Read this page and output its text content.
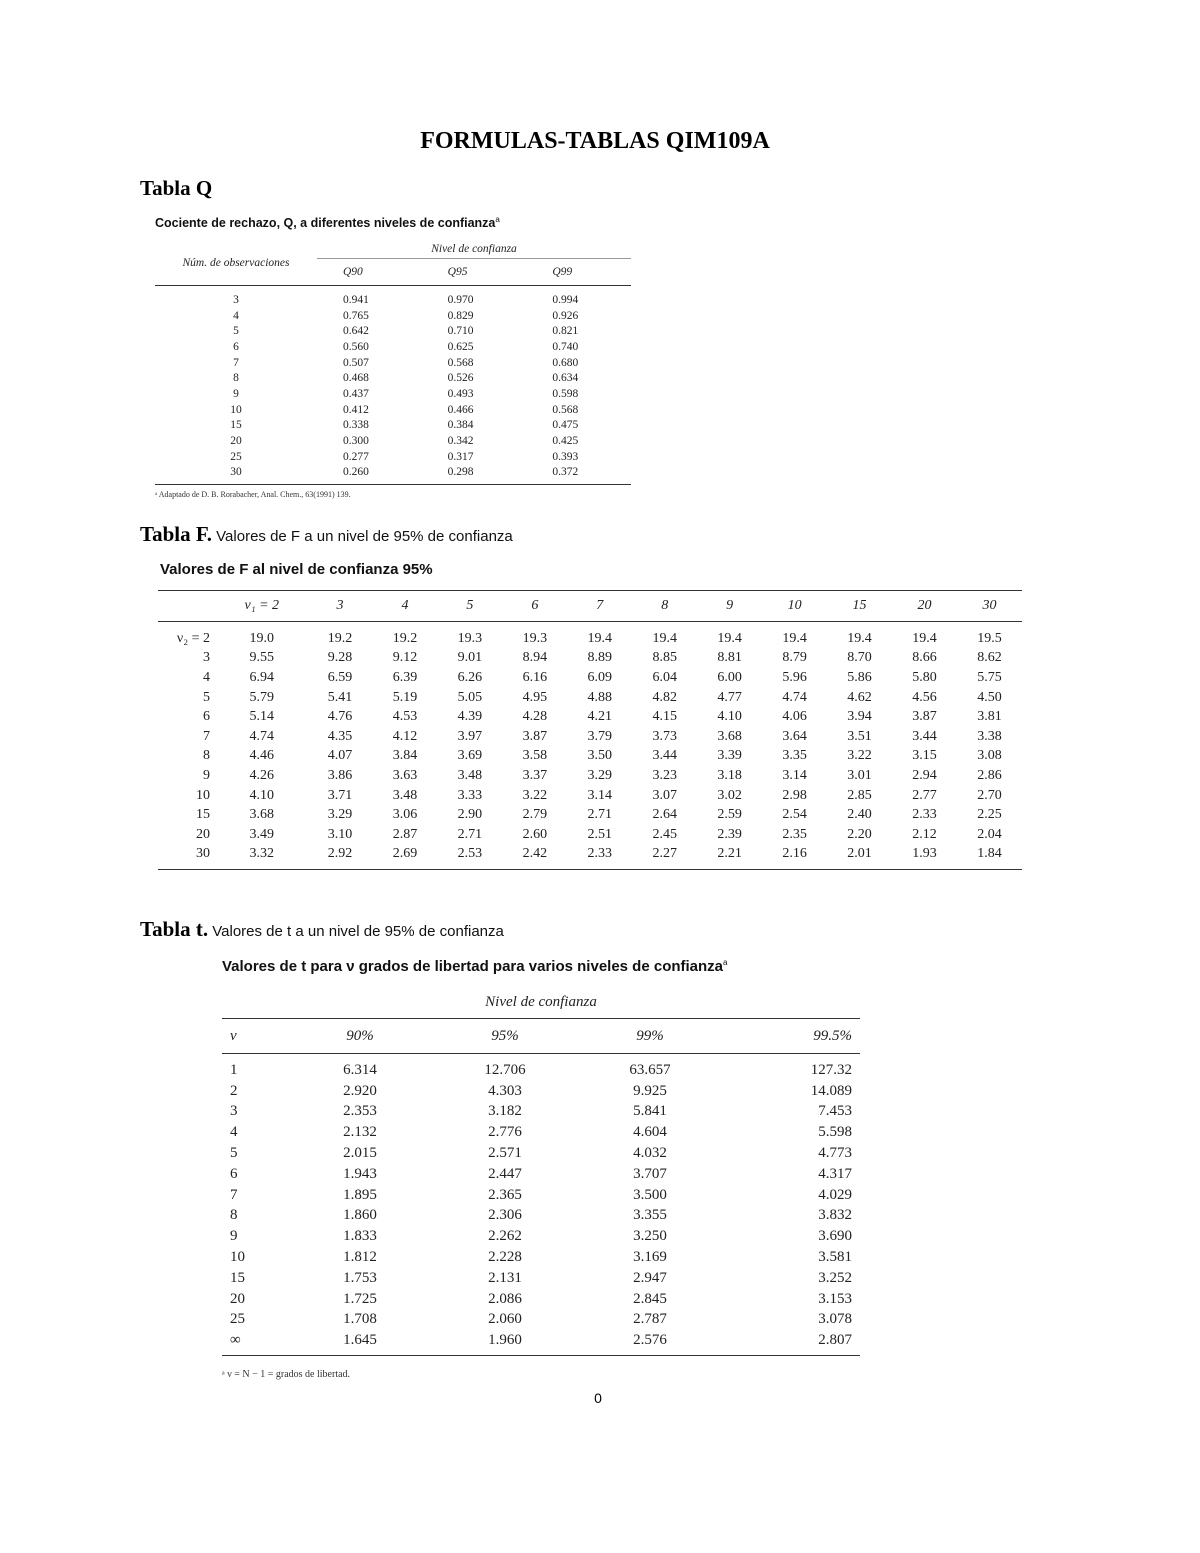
FORMULAS-TABLAS QIM109A
Tabla Q
Cociente de rechazo, Q, a diferentes niveles de confianza$^a$
Núm. de observaciones	Nivel de confianza		
	Q90	Q95	Q99
3	0.941	0.970	0.994
4	0.765	0.829	0.926
5	0.642	0.710	0.821
6	0.560	0.625	0.740
7	0.507	0.568	0.680
8	0.468	0.526	0.634
9	0.437	0.493	0.598
10	0.412	0.466	0.568
15	0.338	0.384	0.475
20	0.300	0.342	0.425
25	0.277	0.317	0.393
30	0.260	0.298	0.372
ᵃ Adaptado de D. B. Rorabacher, Anal. Chem., 63(1991) 139.
Tabla F. Valores de F a un nivel de 95% de confianza
Valores de F al nivel de confianza 95%
	ν₁ = 2	3	4	5	6	7	8	9	10	15	20	30
ν₂ = 2	19.0	19.2	19.2	19.3	19.3	19.4	19.4	19.4	19.4	19.4	19.4	19.5
3	9.55	9.28	9.12	9.01	8.94	8.89	8.85	8.81	8.79	8.70	8.66	8.62
4	6.94	6.59	6.39	6.26	6.16	6.09	6.04	6.00	5.96	5.86	5.80	5.75
5	5.79	5.41	5.19	5.05	4.95	4.88	4.82	4.77	4.74	4.62	4.56	4.50
6	5.14	4.76	4.53	4.39	4.28	4.21	4.15	4.10	4.06	3.94	3.87	3.81
7	4.74	4.35	4.12	3.97	3.87	3.79	3.73	3.68	3.64	3.51	3.44	3.38
8	4.46	4.07	3.84	3.69	3.58	3.50	3.44	3.39	3.35	3.22	3.15	3.08
9	4.26	3.86	3.63	3.48	3.37	3.29	3.23	3.18	3.14	3.01	2.94	2.86
10	4.10	3.71	3.48	3.33	3.22	3.14	3.07	3.02	2.98	2.85	2.77	2.70
15	3.68	3.29	3.06	2.90	2.79	2.71	2.64	2.59	2.54	2.40	2.33	2.25
20	3.49	3.10	2.87	2.71	2.60	2.51	2.45	2.39	2.35	2.20	2.12	2.04
30	3.32	2.92	2.69	2.53	2.42	2.33	2.27	2.21	2.16	2.01	1.93	1.84
Tabla t. Valores de t a un nivel de 95% de confianza
Valores de t para ν grados de libertad para varios niveles de confianza$^a$
Nivel de confianza				
ν	90%	95%	99%	99.5%
1	6.314	12.706	63.657	127.32
2	2.920	4.303	9.925	14.089
3	2.353	3.182	5.841	7.453
4	2.132	2.776	4.604	5.598
5	2.015	2.571	4.032	4.773
6	1.943	2.447	3.707	4.317
7	1.895	2.365	3.500	4.029
8	1.860	2.306	3.355	3.832
9	1.833	2.262	3.250	3.690
10	1.812	2.228	3.169	3.581
15	1.753	2.131	2.947	3.252
20	1.725	2.086	2.845	3.153
25	1.708	2.060	2.787	3.078
∞	1.645	1.960	2.576	2.807
ᵃ ν = N − 1 = grados de libertad.
0
